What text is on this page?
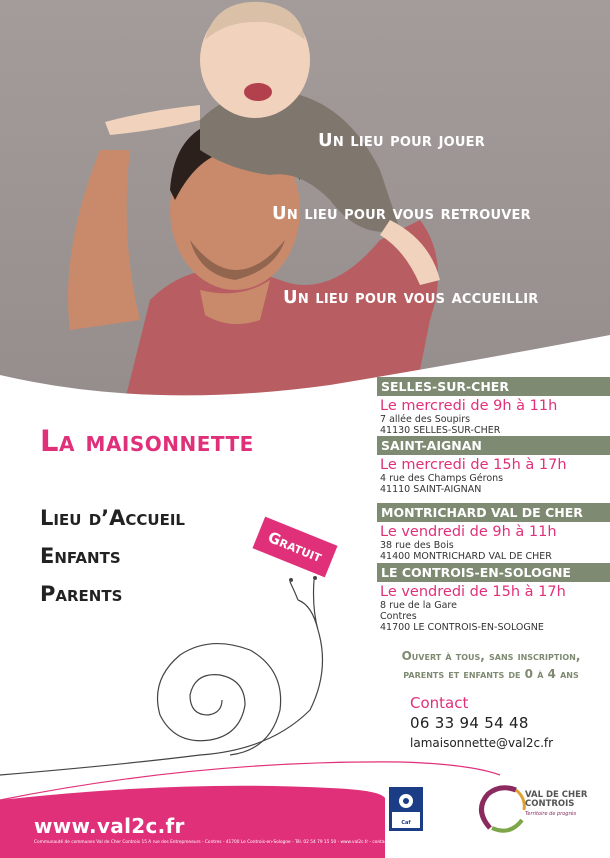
Un lieu pour jouer
Un lieu pour vous retrouver
Un lieu pour vous accueillir
La maisonnette
Lieu d’Accueil
Enfants
Parents
Gratuit
SELLES-SUR-CHER
Le mercredi de 9h à 11h
7 allée des Soupirs
41130 SELLES-SUR-CHER
SAINT-AIGNAN
Le mercredi de 15h à 17h
4 rue des Champs Gérons
41110 SAINT-AIGNAN
MONTRICHARD VAL DE CHER
Le vendredi de 9h à 11h
38 rue des Bois
41400 MONTRICHARD VAL DE CHER
LE CONTROIS-EN-SOLOGNE
Le vendredi de 15h à 17h
8 rue de la Gare
Contres
41700 LE CONTROIS-EN-SOLOGNE
Ouvert à tous, sans inscription,
parents et enfants de 0 à 4 ans
Contact
06 33 94 54 48
lamaisonnette@val2c.fr
www.val2c.fr
Communauté de communes Val de Cher Controis 15 A rue des Entrepreneurs - Contres - 41700 Le Controis-en-Sologne - Tél. 02 54 79 15 50 - www.val2c.fr - contact@val2c.fr
Caf
VAL DE CHER
CONTROIS
Territoire de progrès
